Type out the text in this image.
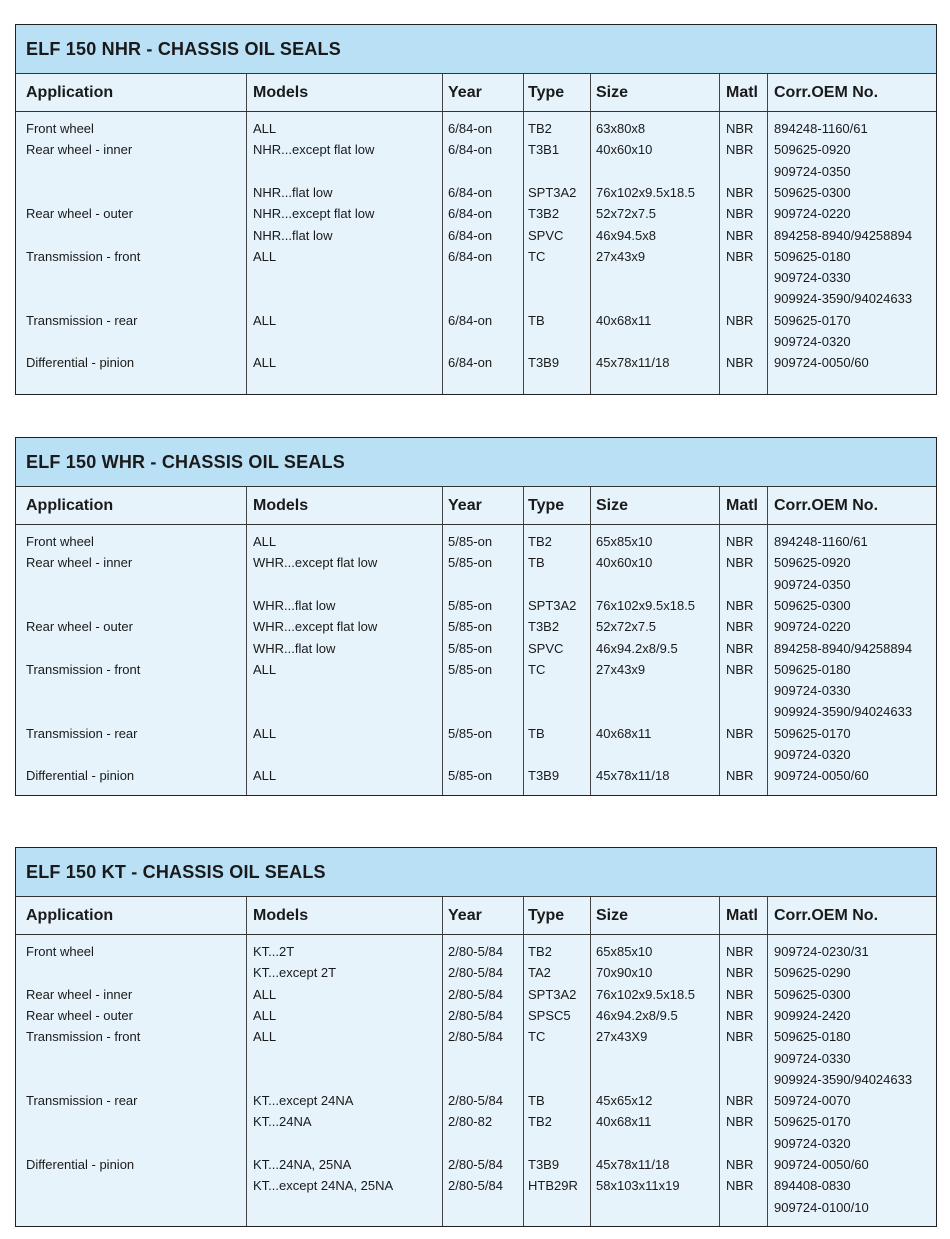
ELF 150 NHR - CHASSIS OIL SEALS
Application	Models	Year	Type Size	Matl Corr.OEM No.
Front wheel	ALL	6/84-on	TB2	63x80x8	NBR 894248-1160/61
Rear wheel - inner	NHR...except flat low	6/84-on	T3B1	40x60x10	NBR 509625-0920
909724-0350
NHR...flat low	6/84-on	SPT3A2 76x102x9.5x18.5 NBR 509625-0300
Rear wheel - outer	NHR...except flat low	6/84-on	T3B2	52x72x7.5	NBR 909724-0220
NHR...flat low	6/84-on	SPVC	46x94.5x8	NBR 894258-8940/94258894
Transmission - front	ALL	6/84-on	TC	27x43x9	NBR 509625-0180
909724-0330
909924-3590/94024633
Transmission - rear	ALL	6/84-on	TB	40x68x11	NBR 509625-0170
909724-0320
Differential - pinion	ALL	6/84-on	T3B9	45x78x11/18	NBR 909724-0050/60
ELF 150 WHR - CHASSIS OIL SEALS
Application	Models	Year	Type Size	Matl Corr.OEM No.
Front wheel	ALL	5/85-on	TB2	65x85x10	NBR 894248-1160/61
Rear wheel - inner	WHR...except flat low	5/85-on	TB	40x60x10	NBR 509625-0920
909724-0350
WHR...flat low	5/85-on	SPT3A2 76x102x9.5x18.5 NBR 509625-0300
Rear wheel - outer	WHR...except flat low	5/85-on	T3B2	52x72x7.5	NBR 909724-0220
WHR...flat low	5/85-on	SPVC	46x94.2x8/9.5	NBR 894258-8940/94258894
Transmission - front	ALL	5/85-on	TC	27x43x9	NBR 509625-0180
909724-0330
909924-3590/94024633
Transmission - rear	ALL	5/85-on	TB	40x68x11	NBR 509625-0170
909724-0320
Differential - pinion	ALL	5/85-on	T3B9	45x78x11/18	NBR 909724-0050/60
ELF 150 KT - CHASSIS OIL SEALS
Application	Models	Year	Type Size	Matl Corr.OEM No.
Front wheel	KT...2T	2/80-5/84 TB2	65x85x10	NBR 909724-0230/31
KT...except 2T	2/80-5/84 TA2	70x90x10	NBR 509625-0290
Rear wheel - inner	ALL	2/80-5/84 SPT3A2 76x102x9.5x18.5 NBR 509625-0300
Rear wheel - outer	ALL	2/80-5/84 SPSC5 46x94.2x8/9.5	NBR 909924-2420
Transmission - front	ALL	2/80-5/84 TC	27x43X9	NBR 509625-0180
909724-0330
909924-3590/94024633
Transmission - rear	KT...except 24NA	2/80-5/84 TB	45x65x12	NBR 509724-0070
KT...24NA	2/80-82	TB2	40x68x11	NBR 509625-0170
909724-0320
Differential - pinion	KT...24NA, 25NA	2/80-5/84 T3B9	45x78x11/18	NBR 909724-0050/60
KT...except 24NA, 25NA	2/80-5/84 HTB29R 58x103x11x19	NBR 894408-0830
909724-0100/10
